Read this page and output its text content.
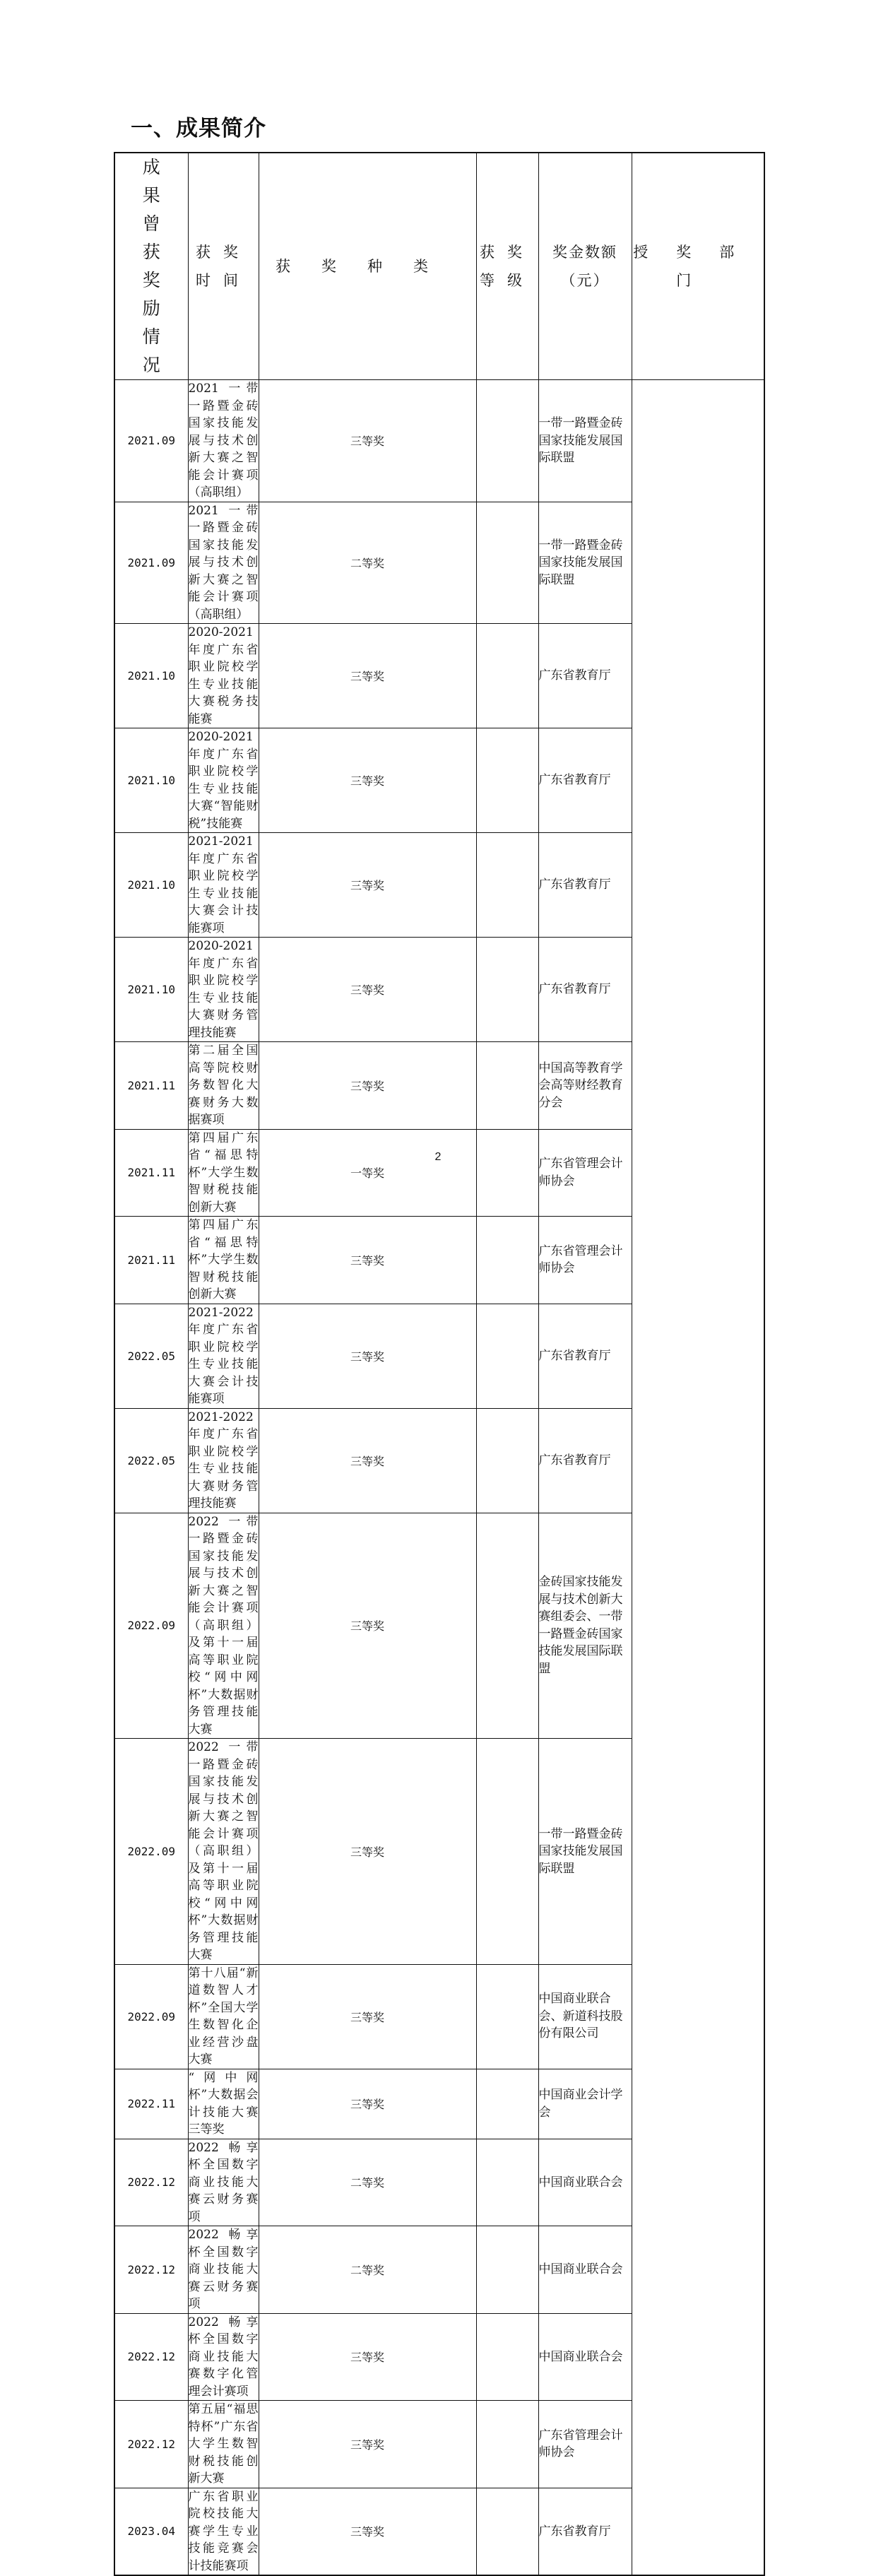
一、成果简介
成果曾获奖励情况	获奖时间	获奖种类	获奖等级	奖金数额（元）	授奖部门
2021.09	2021 一带一路暨金砖国家技能发展与技术创新大赛之智能会计赛项（高职组）	三等奖		一带一路暨金砖国家技能发展国际联盟	
2021.09	2021 一带一路暨金砖国家技能发展与技术创新大赛之智能会计赛项（高职组）	二等奖		一带一路暨金砖国家技能发展国际联盟	
2021.10	2020-2021 年度广东省职业院校学生专业技能大赛税务技能赛	三等奖		广东省教育厅	
2021.10	2020-2021 年度广东省职业院校学生专业技能大赛“智能财税”技能赛	三等奖		广东省教育厅	
2021.10	2021-2021 年度广东省职业院校学生专业技能大赛会计技能赛项	三等奖		广东省教育厅	
2021.10	2020-2021 年度广东省职业院校学生专业技能大赛财务管理技能赛	三等奖		广东省教育厅	
2021.11	第二届全国高等院校财务数智化大赛财务大数据赛项	三等奖		中国高等教育学会高等财经教育分会	
2021.11	第四届广东省“福思特杯”大学生数智财税技能创新大赛	一等奖		广东省管理会计师协会	
2021.11	第四届广东省“福思特杯”大学生数智财税技能创新大赛	三等奖		广东省管理会计师协会	
2022.05	2021-2022 年度广东省职业院校学生专业技能大赛会计技能赛项	三等奖		广东省教育厅	
2022.05	2021-2022 年度广东省职业院校学生专业技能大赛财务管理技能赛	三等奖		广东省教育厅	
2022.09	2022 一带一路暨金砖国家技能发展与技术创新大赛之智能会计赛项（高职组）及第十一届高等职业院校“网中网杯”大数据财务管理技能大赛	三等奖		金砖国家技能发展与技术创新大赛组委会、一带一路暨金砖国家技能发展国际联盟	
2022.09	2022 一带一路暨金砖国家技能发展与技术创新大赛之智能会计赛项（高职组）及第十一届高等职业院校“网中网杯”大数据财务管理技能大赛	三等奖		一带一路暨金砖国家技能发展国际联盟	
2022.09	第十八届“新道数智人才杯”全国大学生数智化企业经营沙盘大赛	三等奖		中国商业联合会、新道科技股份有限公司	
2022.11	“网中网杯”大数据会计技能大赛三等奖	三等奖		中国商业会计学会	
2022.12	2022 畅享杯全国数字商业技能大赛云财务赛项	二等奖		中国商业联合会	
2022.12	2022 畅享杯全国数字商业技能大赛云财务赛项	二等奖		中国商业联合会	
2022.12	2022 畅享杯全国数字商业技能大赛数字化管理会计赛项	三等奖		中国商业联合会	
2022.12	第五届“福思特杯”广东省大学生数智财税技能创新大赛	三等奖		广东省管理会计师协会	
2023.04	广东省职业院校技能大赛学生专业技能竞赛会计技能赛项	三等奖		广东省教育厅	
2
